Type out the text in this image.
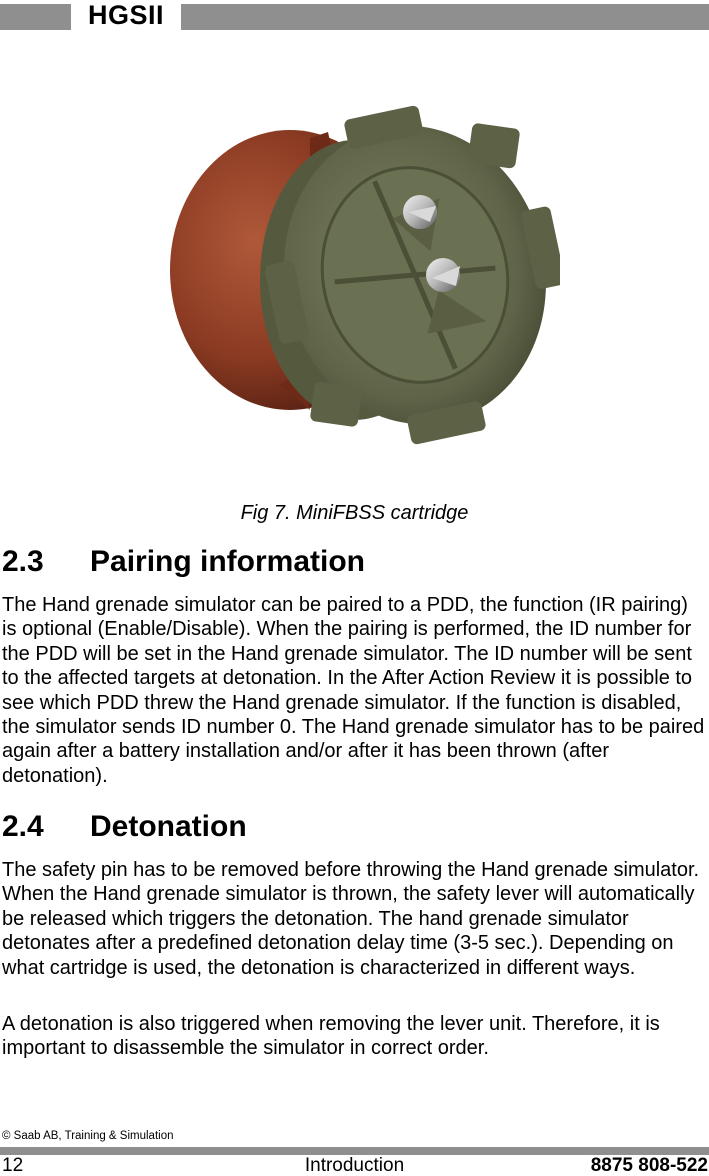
HGSII
Fig 7. MiniFBSS cartridge
2.3 Pairing information

The Hand grenade simulator can be paired to a PDD, the function (IR pairing) is optional (Enable/Disable). When the pairing is performed, the ID number for the PDD will be set in the Hand grenade simulator. The ID number will be sent to the affected targets at detonation. In the After Action Review it is possible to see which PDD threw the Hand grenade simulator. If the function is disabled, the simulator sends ID number 0. The Hand grenade simulator has to be paired again after a battery installation and/or after it has been thrown (after detonation).

2.4 Detonation

The safety pin has to be removed before throwing the Hand grenade simulator. When the Hand grenade simulator is thrown, the safety lever will automatically be released which triggers the detonation. The hand grenade simulator detonates after a predefined detonation delay time (3-5 sec.). Depending on what cartridge is used, the detonation is characterized in different ways.

A detonation is also triggered when removing the lever unit. Therefore, it is important to disassemble the simulator in correct order.

© Saab AB, Training & Simulation
12	Introduction	8875 808-522
